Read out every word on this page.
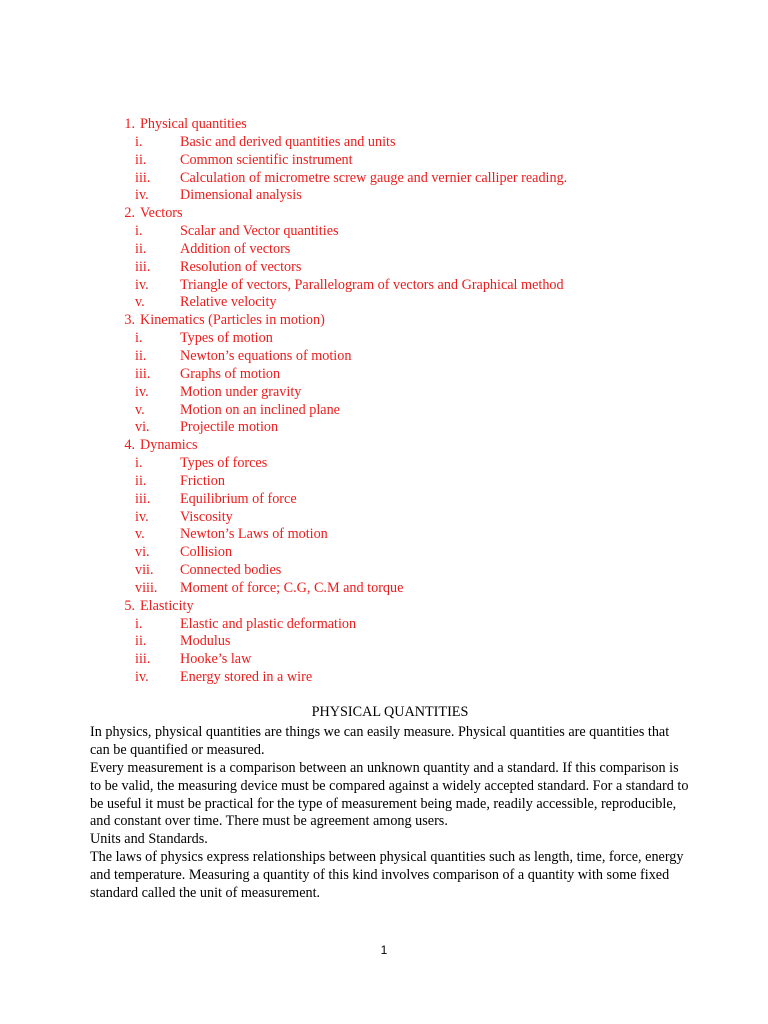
1. Physical quantities
i.	Basic and derived quantities and units
ii.	Common scientific instrument
iii.	Calculation of micrometre screw gauge and vernier calliper reading.
iv.	Dimensional analysis
2. Vectors
i.	Scalar and Vector quantities
ii.	Addition of vectors
iii.	Resolution of vectors
iv.	Triangle of vectors, Parallelogram of vectors and Graphical method
v.	Relative velocity
3. Kinematics (Particles in motion)
i.	Types of motion
ii.	Newton’s equations of motion
iii.	Graphs of motion
iv.	Motion under gravity
v.	Motion on an inclined plane
vi.	Projectile motion
4. Dynamics
i.	Types of forces
ii.	Friction
iii.	Equilibrium of force
iv.	Viscosity
v.	Newton’s Laws of motion
vi.	Collision
vii.	Connected bodies
viii.	Moment of force; C.G, C.M and torque
5. Elasticity
i.	Elastic and plastic deformation
ii.	Modulus
iii.	Hooke’s law
iv.	Energy stored in a wire
PHYSICAL QUANTITIES

In physics, physical quantities are things we can easily measure. Physical quantities are quantities that can be quantified or measured.

Every measurement is a comparison between an unknown quantity and a standard. If this comparison is to be valid, the measuring device must be compared against a widely accepted standard. For a standard to be useful it must be practical for the type of measurement being made, readily accessible, reproducible, and constant over time. There must be agreement among users.

Units and Standards.

The laws of physics express relationships between physical quantities such as length, time, force, energy and temperature. Measuring a quantity of this kind involves comparison of a quantity with some fixed standard called the unit of measurement.

1
